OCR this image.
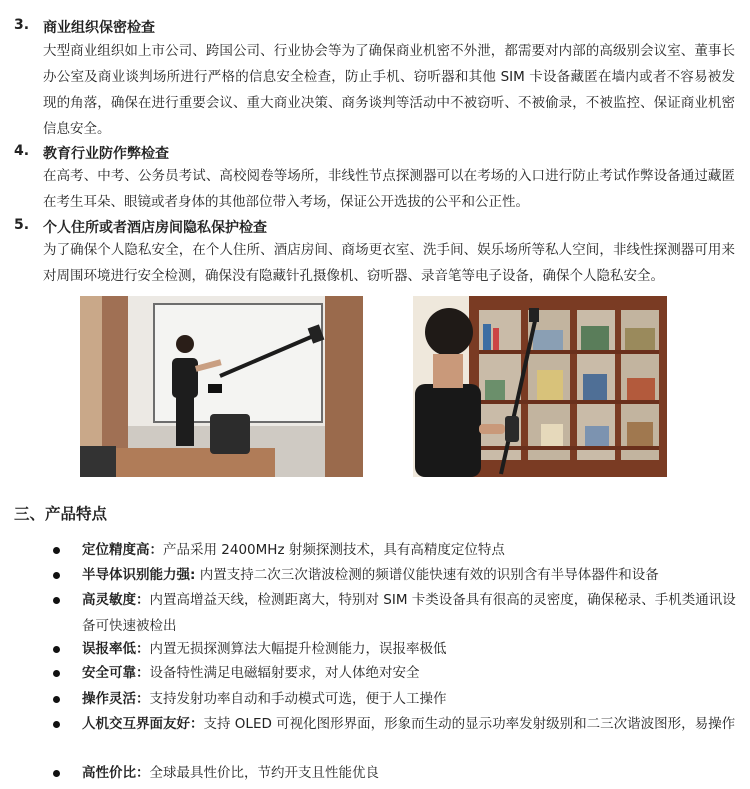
3. 商业组织保密检查
大型商业组织如上市公司、跨国公司、行业协会等为了确保商业机密不外泄，都需要对内部的高级别会议室、董事长办公室及商业谈判场所进行严格的信息安全检查，防止手机、窃听器和其他 SIM 卡设备藏匿在墙内或者不容易被发现的角落，确保在进行重要会议、重大商业决策、商务谈判等活动中不被窃听、不被偷录，不被监控、保证商业机密信息安全。
4. 教育行业防作弊检查
在高考、中考、公务员考试、高校阅卷等场所，非线性节点探测器可以在考场的入口进行防止考试作弊设备通过藏匿在考生耳朵、眼镜或者身体的其他部位带入考场，保证公开选拔的公平和公正性。
5. 个人住所或者酒店房间隐私保护检查
为了确保个人隐私安全，在个人住所、酒店房间、商场更衣室、洗手间、娱乐场所等私人空间，非线性探测器可用来对周围环境进行安全检测，确保没有隐藏针孔摄像机、窃听器、录音笔等电子设备，确保个人隐私安全。
三、产品特点
定位精度高：产品采用 2400MHz 射频探测技术，具有高精度定位特点
半导体识别能力强: 内置支持二次三次谐波检测的频谱仪能快速有效的识别含有半导体器件和设备
高灵敏度：内置高增益天线，检测距离大，特别对 SIM 卡类设备具有很高的灵密度，确保秘录、手机类通讯设备可快速被检出
误报率低：内置无损探测算法大幅提升检测能力，误报率极低
安全可靠：设备特性满足电磁辐射要求，对人体绝对安全
操作灵活：支持发射功率自动和手动模式可选，便于人工操作
人机交互界面友好：支持 OLED 可视化图形界面，形象而生动的显示功率发射级别和二三次谐波图形，易操作
高性价比：全球最具性价比，节约开支且性能优良
